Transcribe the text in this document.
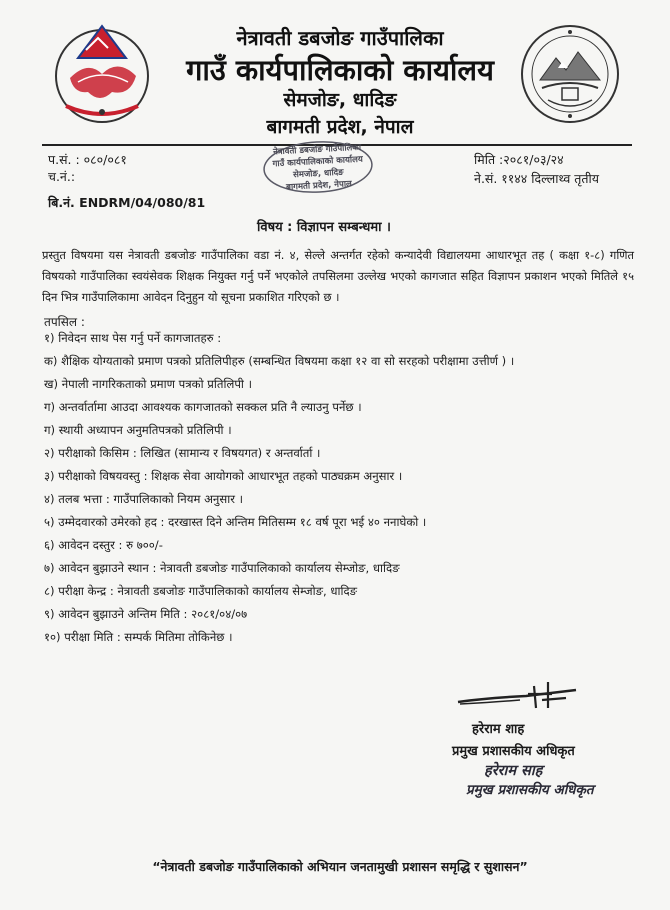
नेत्रावती डबजोङ गाउँपालिका
गाउँ कार्यपालिकाको कार्यालय
सेमजोङ, धादिङ
बागमती प्रदेश, नेपाल
प.सं. : ०८०/०८१
च.नं.:
बि.नं. ENDRM/04/080/81
मिति :२०८१/०३/२४
ने.सं. ११४४ दिल्लाथ्व तृतीय
नेत्रावती डबजोङ गाउँपालिका
गाउँ कार्यपालिकाको कार्यालय
सेमजोङ, धादिङ
बागमती प्रदेश, नेपाल
विषय : विज्ञापन सम्बन्धमा ।
प्रस्तुत विषयमा यस नेत्रावती डबजोङ गाउँपालिका वडा नं. ४, सेल्ले अन्तर्गत रहेको कन्यादेवी विद्यालयमा आधारभूत तह ( कक्षा १-८) गणित विषयको गाउँपालिका स्वयंसेवक शिक्षक नियुक्त गर्नु पर्ने भएकोले तपसिलमा उल्लेख भएको कागजात सहित विज्ञापन प्रकाशन भएको मितिले १५ दिन भित्र गाउँपालिकामा आवेदन दिनुहुन यो सूचना प्रकाशित गरिएको छ ।
तपसिल :
१) निवेदन साथ पेस गर्नु पर्ने कागजातहरु :
क) शैक्षिक योग्यताको प्रमाण पत्रको प्रतिलिपीहरु (सम्बन्धित विषयमा कक्षा १२ वा सो सरहको परीक्षामा उत्तीर्ण ) ।
ख) नेपाली नागरिकताको प्रमाण पत्रको प्रतिलिपी ।
ग) अन्तर्वार्तामा आउदा आवश्यक कागजातको सक्कल प्रति नै ल्याउनु पर्नेछ ।
ग) स्थायी अध्यापन अनुमतिपत्रको प्रतिलिपी ।
२) परीक्षाको किसिम : लिखित (सामान्य र विषयगत) र अन्तर्वार्ता ।
३) परीक्षाको विषयवस्तु : शिक्षक सेवा आयोगको आधारभूत तहको पाठ्यक्रम अनुसार ।
४) तलब भत्ता : गाउँपालिकाको नियम अनुसार ।
५) उम्मेदवारको उमेरको हद : दरखास्त दिने अन्तिम मितिसम्म १८ वर्ष पूरा भई ४० ननाघेको ।
६) आवेदन दस्तुर : रु ७००/-
७) आवेदन बुझाउने स्थान : नेत्रावती डबजोङ गाउँपालिकाको कार्यालय सेम्जोङ, धादिङ
८) परीक्षा केन्द्र : नेत्रावती डबजोङ गाउँपालिकाको कार्यालय सेम्जोङ, धादिङ
९) आवेदन बुझाउने अन्तिम मिति : २०८१/०४/०७
१०) परीक्षा मिति : सम्पर्क मितिमा तोकिनेछ ।
हरेराम शाह
प्रमुख प्रशासकीय अधिकृत
हरेराम साह
प्रमुख प्रशासकीय अधिकृत
“नेत्रावती डबजोङ गाउँपालिकाको अभियान जनतामुखी प्रशासन समृद्धि र सुशासन”
